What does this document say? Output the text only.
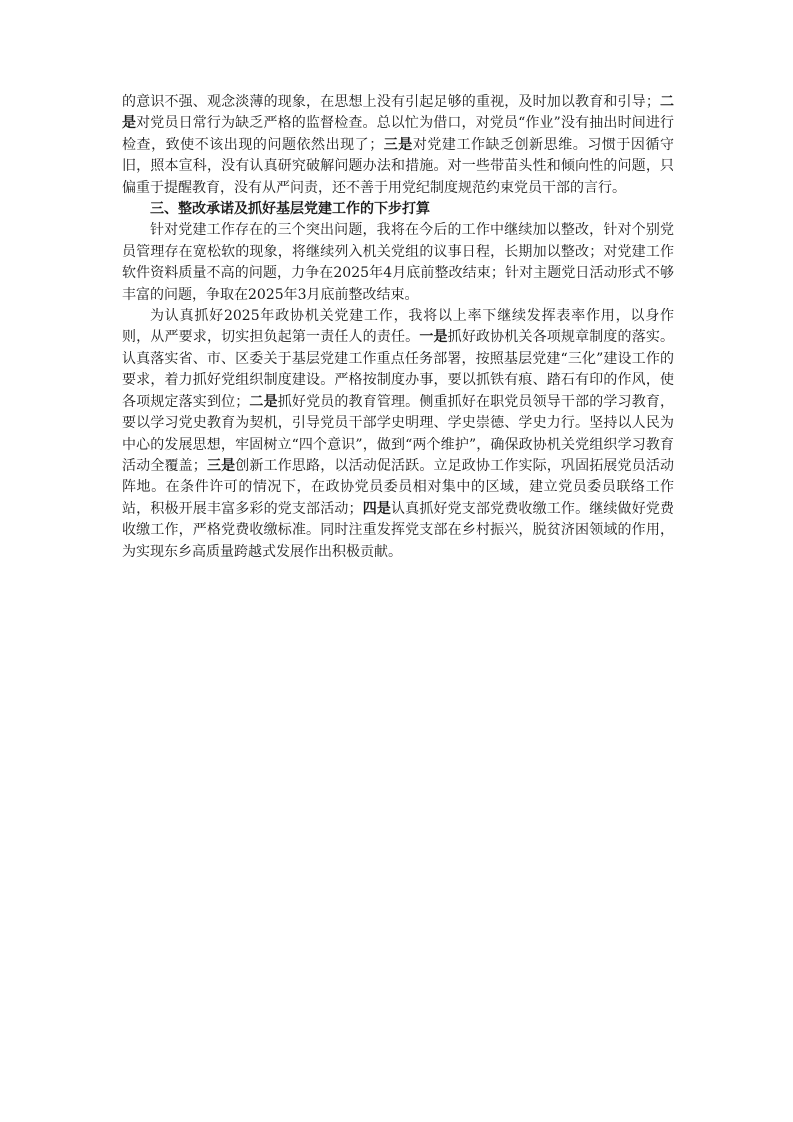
的意识不强、观念淡薄的现象，在思想上没有引起足够的重视，及时加以教育和引导；二是对党员日常行为缺乏严格的监督检查。总以忙为借口，对党员“作业”没有抽出时间进行检查，致使不该出现的问题依然出现了；三是对党建工作缺乏创新思维。习惯于因循守旧，照本宣科，没有认真研究破解问题办法和措施。对一些带苗头性和倾向性的问题，只偏重于提醒教育，没有从严问责，还不善于用党纪制度规范约束党员干部的言行。

三、整改承诺及抓好基层党建工作的下步打算

针对党建工作存在的三个突出问题，我将在今后的工作中继续加以整改，针对个别党员管理存在宽松软的现象，将继续列入机关党组的议事日程，长期加以整改；对党建工作软件资料质量不高的问题，力争在2025年4月底前整改结束；针对主题党日活动形式不够丰富的问题，争取在2025年3月底前整改结束。

为认真抓好2025年政协机关党建工作，我将以上率下继续发挥表率作用，以身作则，从严要求，切实担负起第一责任人的责任。一是抓好政协机关各项规章制度的落实。认真落实省、市、区委关于基层党建工作重点任务部署，按照基层党建“三化”建设工作的要求，着力抓好党组织制度建设。严格按制度办事，要以抓铁有痕、踏石有印的作风，使各项规定落实到位；二是抓好党员的教育管理。侧重抓好在职党员领导干部的学习教育，要以学习党史教育为契机，引导党员干部学史明理、学史崇德、学史力行。坚持以人民为中心的发展思想，牢固树立“四个意识”，做到“两个维护”，确保政协机关党组织学习教育活动全覆盖；三是创新工作思路，以活动促活跃。立足政协工作实际，巩固拓展党员活动阵地。在条件许可的情况下，在政协党员委员相对集中的区域，建立党员委员联络工作站，积极开展丰富多彩的党支部活动；四是认真抓好党支部党费收缴工作。继续做好党费收缴工作，严格党费收缴标准。同时注重发挥党支部在乡村振兴，脱贫济困领域的作用，为实现东乡高质量跨越式发展作出积极贡献。
